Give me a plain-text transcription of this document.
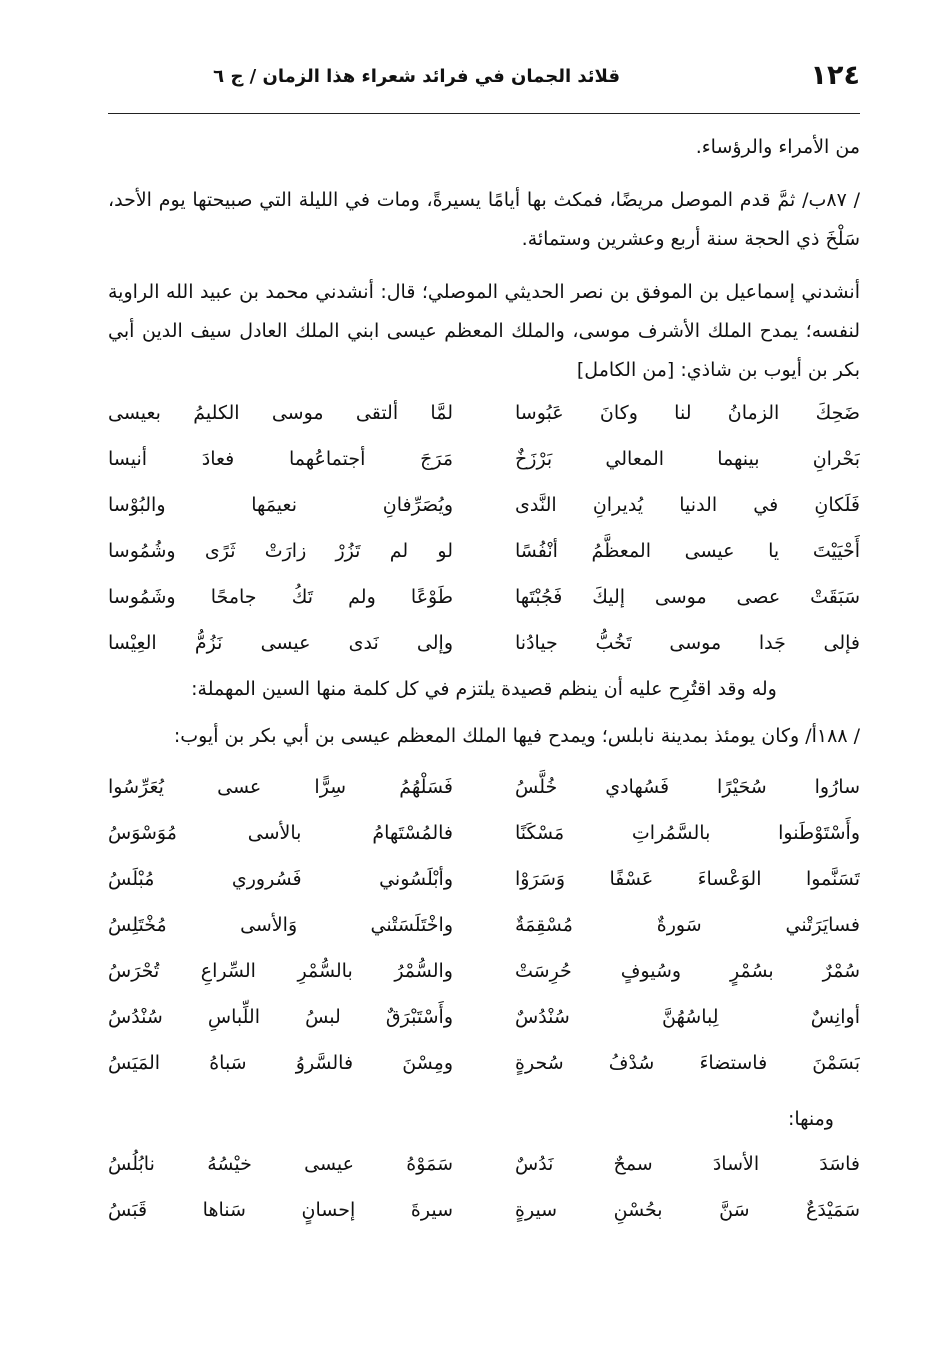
١٢٤
قلائد الجمان في فرائد شعراء هذا الزمان / ج ٦

من الأمراء والرؤساء.

/ ٨٧ب/ ثمَّ قدم الموصل مريضًا، فمكث بها أيامًا يسيرةً، ومات في الليلة التي صبيحتها يوم الأحد، سَلْخَ ذي الحجة سنة أربع وعشرين وستمائة.

أنشدني إسماعيل بن الموفق بن نصر الحديثي الموصلي؛ قال: أنشدني محمد بن عبيد الله الراوية لنفسه؛ يمدح الملك الأشرف موسى، والملك المعظم عيسى ابني الملك العادل سيف الدين أبي بكر بن أيوب بن شاذي: [من الكامل]

ضَحِكَ الزمانُ لنا وكانَ عَبُوسا
لمَّا ألتقى موسى الكليمُ بعيسى
بَحْرانِ بينهما المعالي بَرْزَخٌ
مَرَجَ أجتماعُهما فعادَ أنيسا
فَلَكانِ في الدنيا يُديرانِ النَّدى
ويُصَرِّفانِ نعيمَها والبُوْسا
أَحْيَيْتَ يا عيسى المعظَّمُ أنْفُسًا
لو لم تَزُرْ زارَتْ ثَرًى وشُمُوسا
سَبَقَتْ عصى موسى إليكَ فَجُبْتَها
طَوْعًا ولم تَكُ جامحًا وشَمُوسا
فإلى جَدا موسى تَخُبُّ جيادُنا
وإلى نَدى عيسى نَزُمُّ العِيْسا

وله وقد اقتُرِح عليه أن ينظم قصيدة يلتزم في كل كلمة منها السين المهملة:

/ ١٨٨أ/ وكان يومئذ بمدينة نابلس؛ ويمدح فيها الملك المعظم عيسى بن أبي بكر بن أيوب:

سارُوا سُحَيْرًا فَسُهادي خُلَّسُ
فَسَلْهُمُ سِرًّا عسى يُعَرِّسُوا
وأَسْتَوْطَنوا بالسَّمُراتِ مَسْكَنًا
فالمُسْتَهامُ بالأسى مُوَسْوَسُ
تَسَنَّموا الوَعْساءَ عَسْفًا وَسَرَوْا
وأبْلَسُوني فَسُروري مُبْلَسُ
فسايَرَتْني سَورةٌ مُسْقِمَةٌ
واخْتَلَسَتْني وَالأسى مُخْتَلِسُ
سُمْرٌ بسُمْرٍ وسُيوفٍ حُرِسَتْ
والسُّمْرُ بالسُّمْرِ السِّراعِ تُحْرَسُ
أوانِسٌ لِباسُهُنَّ سُنْدُسٌ
وأَسْتَبْرَقٌ لبسُ اللِّباسِ سُنْدُسُ
بَسَمْنَ فاستضاءَ سُدْفُ سُحرةٍ
ومِسْنَ فالسَّروُ سَباهُ المَيَسُ

ومنها:

فاسَدَ الأسادَ سمحٌ نَدُسٌ
سَمَوْهُ عيسى خيْسُهُ نابُلُسُ
سَمَيْدَعٌ سَنَّ بحُسْنِ سيرةٍ
سيرةَ إحسانٍ سَناها قَبَسُ
